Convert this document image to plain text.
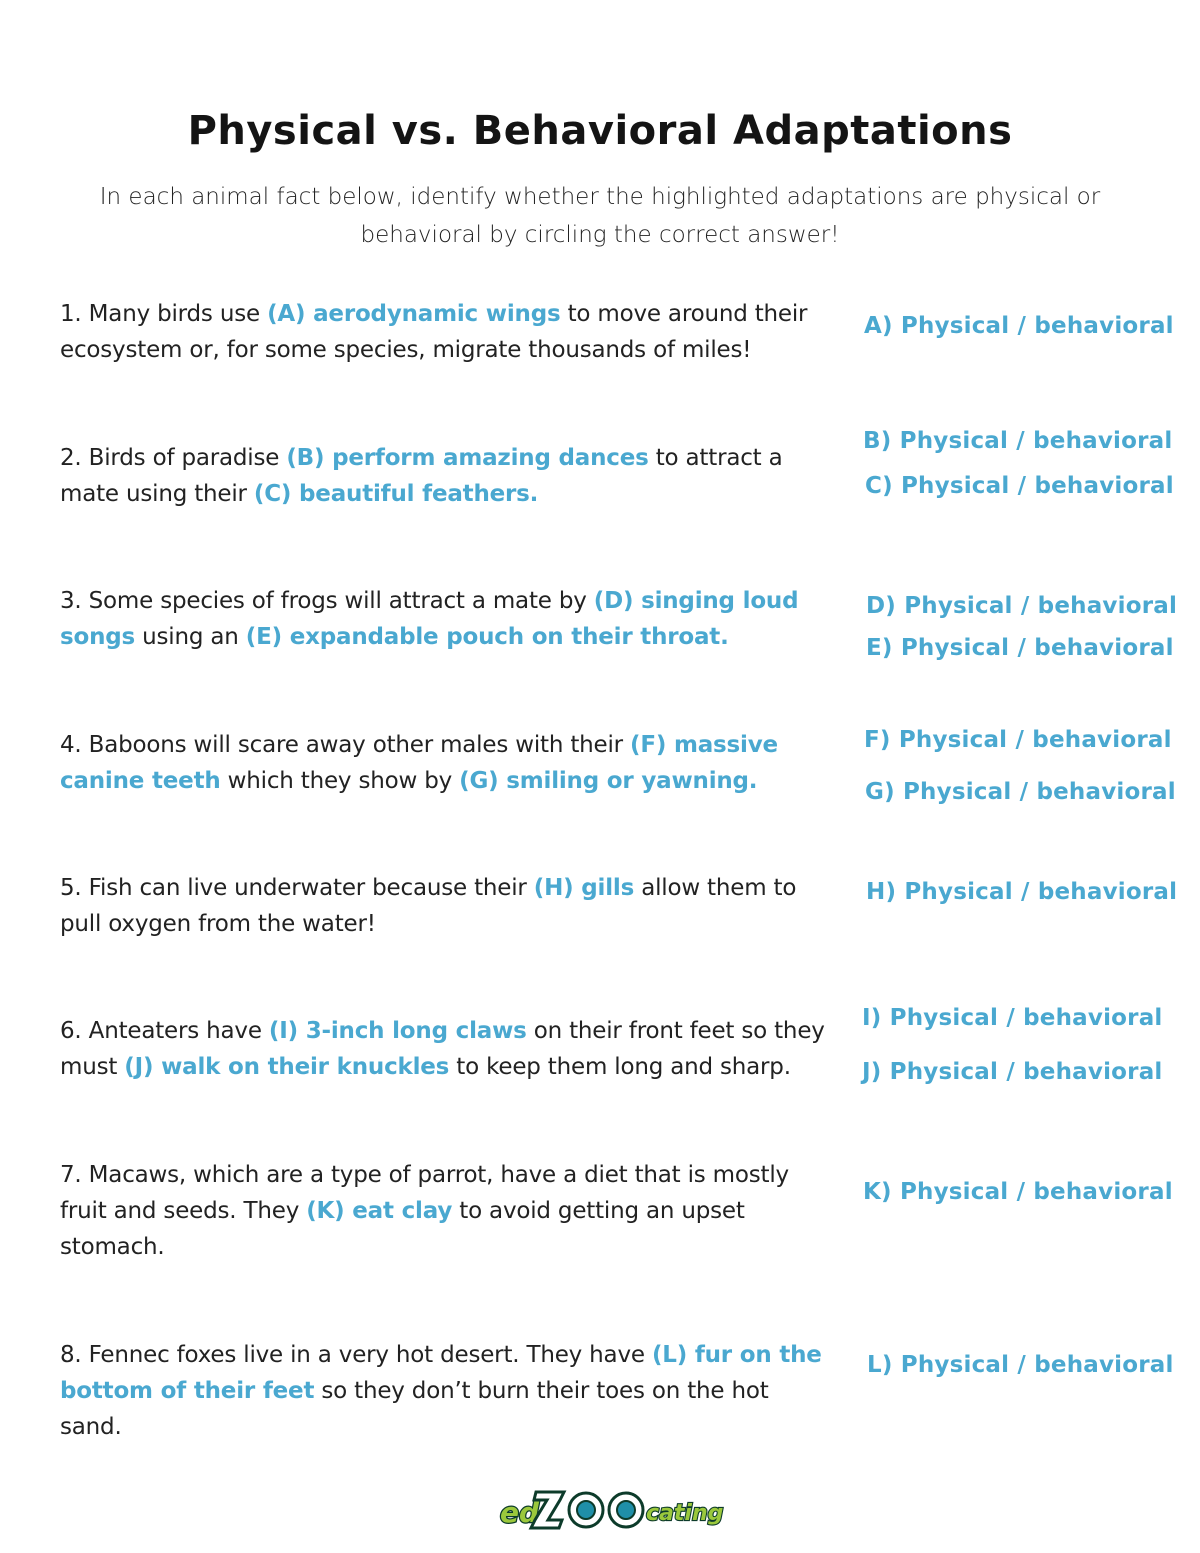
Physical vs. Behavioral Adaptations
In each animal fact below, identify whether the highlighted adaptations are physical or behavioral by circling the correct answer!
1. Many birds use (A) aerodynamic wings to move around their ecosystem or, for some species, migrate thousands of miles!
2. Birds of paradise (B) perform amazing dances to attract a mate using their (C) beautiful feathers.
3. Some species of frogs will attract a mate by (D) singing loud songs using an (E) expandable pouch on their throat.
4. Baboons will scare away other males with their (F) massive canine teeth which they show by (G) smiling or yawning.
5. Fish can live underwater because their (H) gills allow them to pull oxygen from the water!
6. Anteaters have (I) 3-inch long claws on their front feet so they must (J) walk on their knuckles to keep them long and sharp.
7. Macaws, which are a type of parrot, have a diet that is mostly fruit and seeds. They (K) eat clay to avoid getting an upset stomach.
8. Fennec foxes live in a very hot desert. They have (L) fur on the bottom of their feet so they don’t burn their toes on the hot sand.
A) Physical / behavioral
B) Physical / behavioral
C) Physical / behavioral
D) Physical / behavioral
E) Physical / behavioral
F) Physical / behavioral
G) Physical / behavioral
H) Physical / behavioral
I) Physical / behavioral
J) Physical / behavioral
K) Physical / behavioral
L) Physical / behavioral
ed
ZOO
cating
